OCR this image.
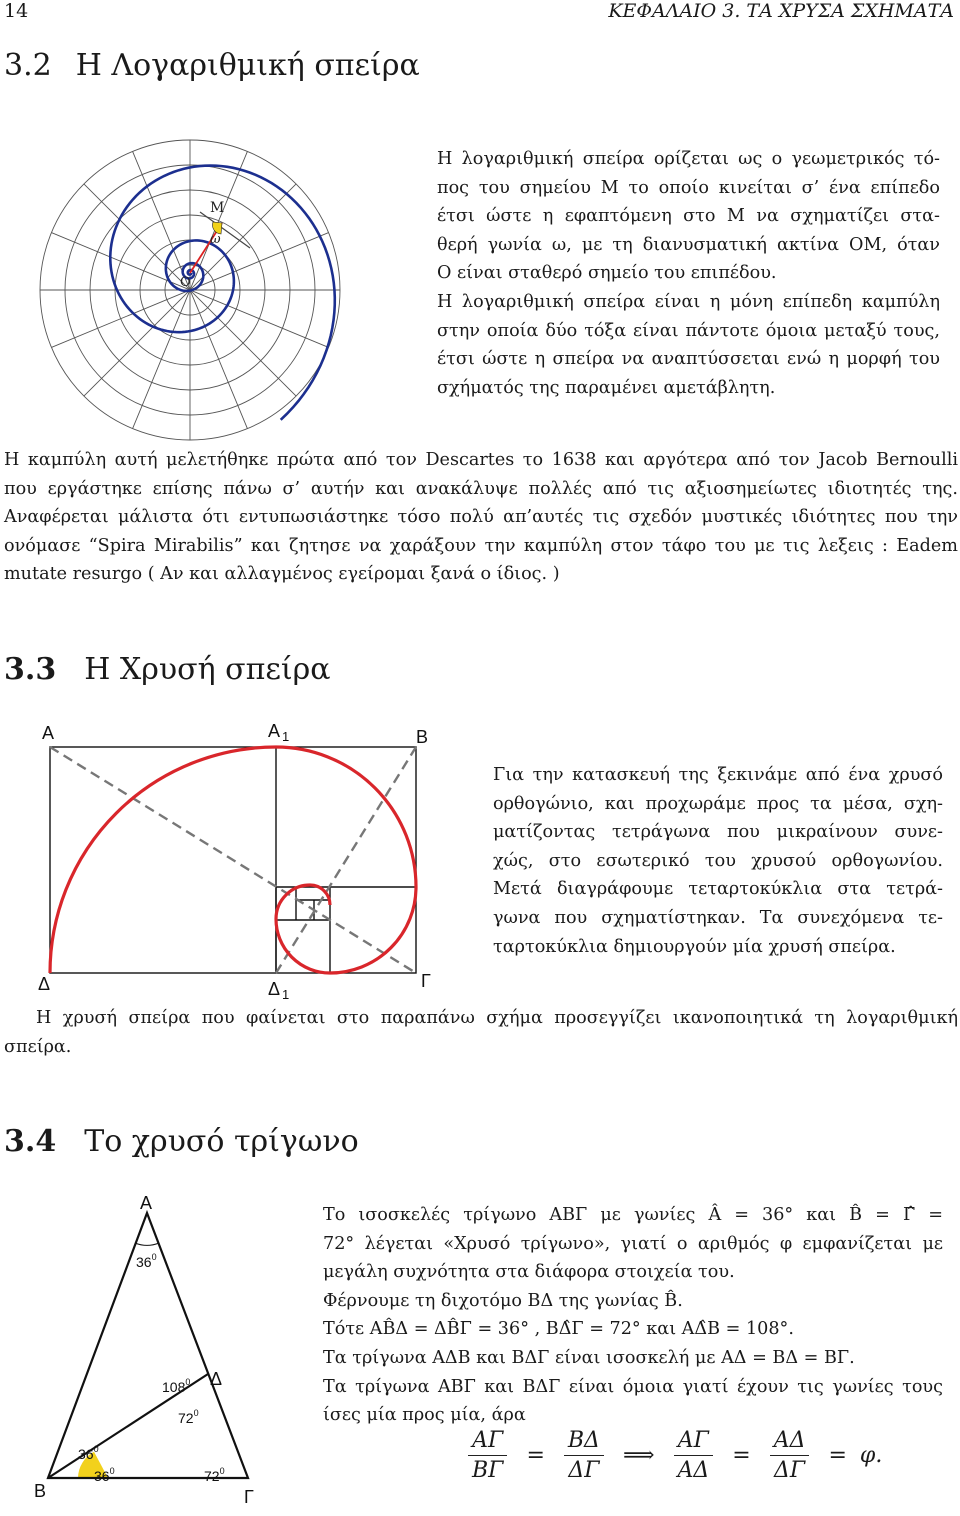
14	ΚΕΦΑΛΑΙΟ 3. ΤΑ ΧΡΥΣΑ ΣΧΗΜΑΤΑ
3.2 Η Λογαριθμική σπείρα
M
ω
O
Η λογαριθμική σπείρα ορίζεται ως ο γεωμετρικός τό-
πος του σημείου M το οποίο κινείται σ’ ένα επίπεδο
έτσι ώστε η εφαπτόμενη στο M να σχηματίζει στα-
θερή γωνία ω, με τη διανυσματική ακτίνα OM, όταν
O είναι σταθερό σημείο του επιπέδου.
Η λογαριθμική σπείρα είναι η μόνη επίπεδη καμπύλη
στην οποία δύο τόξα είναι πάντοτε όμοια μεταξύ τους,
έτσι ώστε η σπείρα να αναπτύσσεται ενώ η μορφή του
σχήματός της παραμένει αμετάβλητη.
Η καμπύλη αυτή μελετήθηκε πρώτα από τον Descartes το 1638 και αργότερα από τον Jacob Bernoulli
που εργάστηκε επίσης πάνω σ’ αυτήν και ανακάλυψε πολλές από τις αξιοσημείωτες ιδιοτητές της.
Αναφέρεται μάλιστα ότι εντυπωσιάστηκε τόσο πολύ απ’αυτές τις σχεδόν μυστικές ιδιότητες που την
ονόμασε “Spira Mirabilis” και ζητησε να χαράξουν την καμπύλη στον τάφο του με τις λεξεις : Eadem
mutate resurgo ( Αν και αλλαγμένος εγείρομαι ξανά ο ίδιος. )
3.3 Η Χρυσή σπείρα
A	A $_1$	B
Δ	Δ $_1$
Γ
Για την κατασκευή της ξεκινάμε από ένα χρυσό
ορθογώνιο, και προχωράμε προς τα μέσα, σχη-
ματίζοντας τετράγωνα που μικραίνουν συνε-
χώς, στο εσωτερικό του χρυσού ορθογωνίου.
Μετά διαγράφουμε τεταρτοκύκλια στα τετρά-
γωνα που σχηματίστηκαν. Τα συνεχόμενα τε-
ταρτοκύκλια δημιουργούν μία χρυσή σπείρα.
Η χρυσή σπείρα που φαίνεται στο παραπάνω σχήμα προσεγγίζει ικανοποιητικά τη λογαριθμική
σπείρα.
3.4 Το χρυσό τρίγωνο
A
B	Γ
Δ
$36^0$
$108^0$
$72^0$
$36^0$
$36^0$	$72^0$
Το ισοσκελές τρίγωνο ΑΒΓ με γωνίες Â = 36° και B̂ = Γ̂ =
72° λέγεται «Χρυσό τρίγωνο», γιατί ο αριθμός φ εμφανίζεται με
μεγάλη συχνότητα στα διάφορα στοιχεία του.
Φέρνουμε τη διχοτόμο ΒΔ της γωνίας B̂.
Τότε ΑB̂Δ = ΔB̂Γ = 36° , BΔ̂Γ = 72° και AΔ̂B = 108°.
Τα τρίγωνα ΑΔΒ και ΒΔΓ είναι ισοσκελή με ΑΔ = ΒΔ = ΒΓ.
Τα τρίγωνα ΑΒΓ και ΒΔΓ είναι όμοια γιατί έχουν τις γωνίες τους
ίσες μία προς μία, άρα
$\frac{A\Gamma}{B\Gamma} = \frac{B\Delta}{\Delta\Gamma}$ ⟹ $\frac{A\Gamma}{A\Delta} = \frac{A\Delta}{\Delta\Gamma} = \varphi$.
